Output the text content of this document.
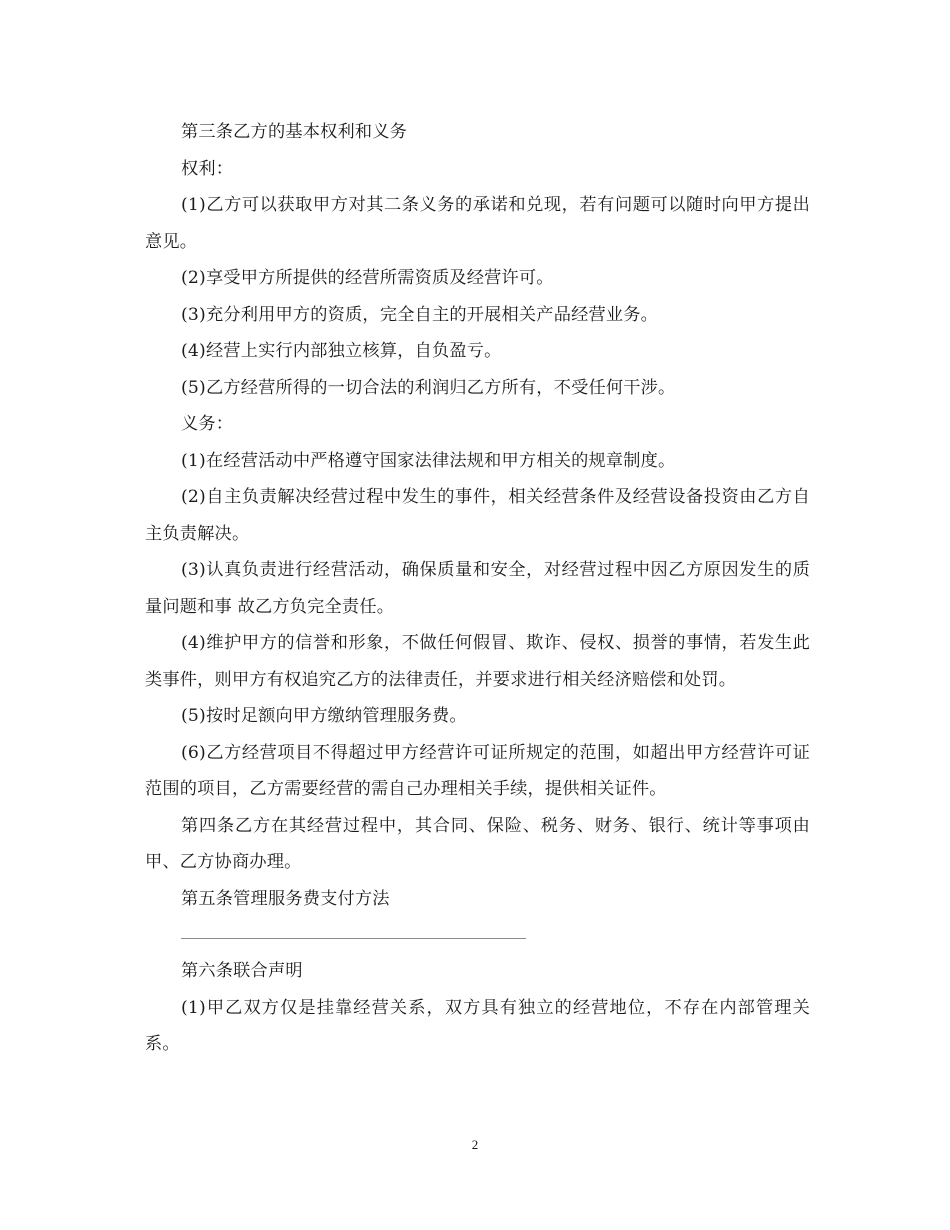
第三条乙方的基本权利和义务

权利：

(1)乙方可以获取甲方对其二条义务的承诺和兑现，若有问题可以随时向甲方提出意见。

(2)享受甲方所提供的经营所需资质及经营许可。

(3)充分利用甲方的资质，完全自主的开展相关产品经营业务。

(4)经营上实行内部独立核算，自负盈亏。

(5)乙方经营所得的一切合法的利润归乙方所有，不受任何干涉。

义务：

(1)在经营活动中严格遵守国家法律法规和甲方相关的规章制度。

(2)自主负责解决经营过程中发生的事件，相关经营条件及经营设备投资由乙方自主负责解决。

(3)认真负责进行经营活动，确保质量和安全，对经营过程中因乙方原因发生的质量问题和事 故乙方负完全责任。

(4)维护甲方的信誉和形象，不做任何假冒、欺诈、侵权、损誉的事情，若发生此类事件，则甲方有权追究乙方的法律责任，并要求进行相关经济赔偿和处罚。

(5)按时足额向甲方缴纳管理服务费。

(6)乙方经营项目不得超过甲方经营许可证所规定的范围，如超出甲方经营许可证范围的项目，乙方需要经营的需自己办理相关手续，提供相关证件。

第四条乙方在其经营过程中，其合同、保险、税务、财务、银行、统计等事项由甲、乙方协商办理。

第五条管理服务费支付方法

第六条联合声明

(1)甲乙双方仅是挂靠经营关系，双方具有独立的经营地位，不存在内部管理关系。

2
